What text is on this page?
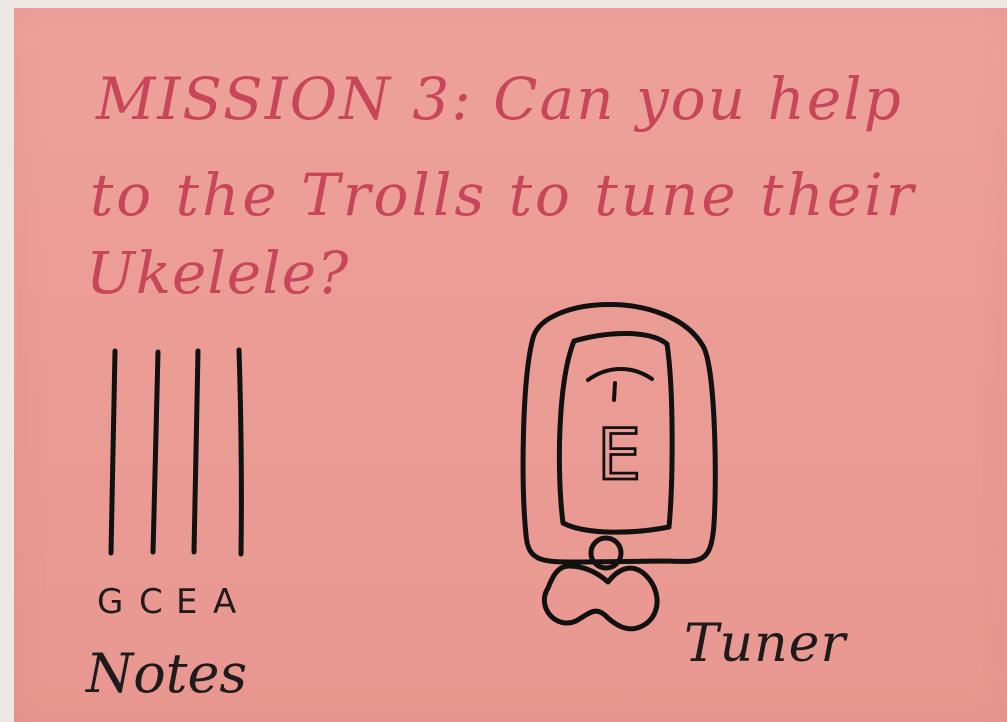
MISSION 3: Can you help
to the Trolls to tune their
Ukelele?
G C E A
Notes
E
Tuner
